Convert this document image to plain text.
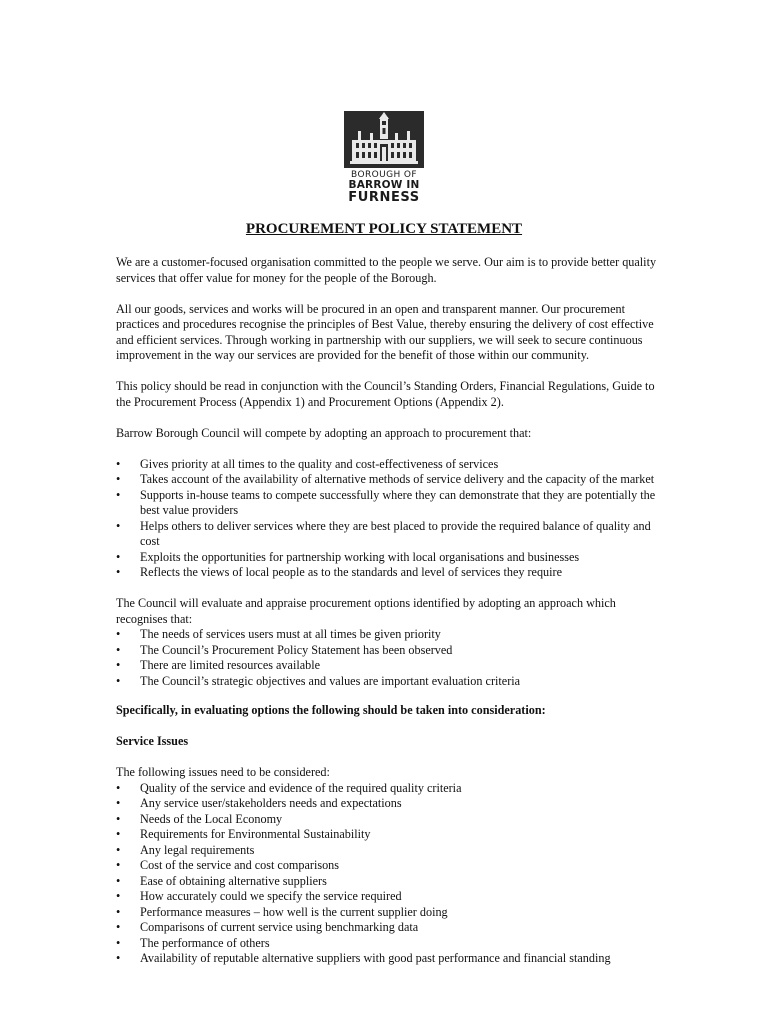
BOROUGH OF
BARROW IN
FURNESS
PROCUREMENT POLICY STATEMENT

We are a customer-focused organisation committed to the people we serve. Our aim is to provide better quality services that offer value for money for the people of the Borough.

All our goods, services and works will be procured in an open and transparent manner. Our procurement practices and procedures recognise the principles of Best Value, thereby ensuring the delivery of cost effective and efficient services. Through working in partnership with our suppliers, we will seek to secure continuous improvement in the way our services are provided for the benefit of those within our community.

This policy should be read in conjunction with the Council’s Standing Orders, Financial Regulations, Guide to the Procurement Process (Appendix 1) and Procurement Options (Appendix 2).

Barrow Borough Council will compete by adopting an approach to procurement that:

•	Gives priority at all times to the quality and cost-effectiveness of services
•	Takes account of the availability of alternative methods of service delivery and the capacity of the market
•	Supports in-house teams to compete successfully where they can demonstrate that they are potentially the best value providers
•	Helps others to deliver services where they are best placed to provide the required balance of quality and cost
•	Exploits the opportunities for partnership working with local organisations and businesses
•	Reflects the views of local people as to the standards and level of services they require

The Council will evaluate and appraise procurement options identified by adopting an approach which recognises that:

•	The needs of services users must at all times be given priority
•	The Council’s Procurement Policy Statement has been observed
•	There are limited resources available
•	The Council’s strategic objectives and values are important evaluation criteria

Specifically, in evaluating options the following should be taken into consideration:

Service Issues

The following issues need to be considered:

•	Quality of the service and evidence of the required quality criteria
•	Any service user/stakeholders needs and expectations
•	Needs of the Local Economy
•	Requirements for Environmental Sustainability
•	Any legal requirements
•	Cost of the service and cost comparisons
•	Ease of obtaining alternative suppliers
•	How accurately could we specify the service required
•	Performance measures – how well is the current supplier doing
•	Comparisons of current service using benchmarking data
•	The performance of others
•	Availability of reputable alternative suppliers with good past performance and financial standing
